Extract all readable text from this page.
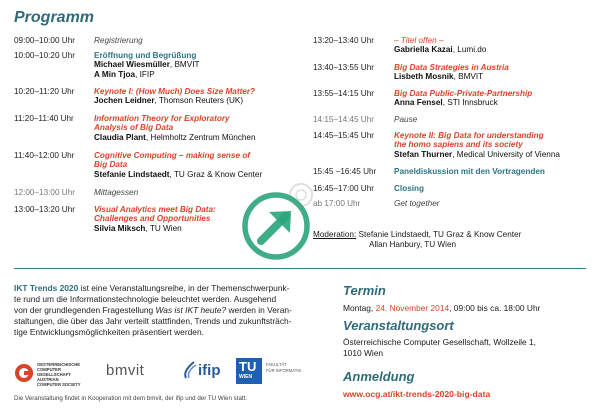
Programm
09:00–10:00 Uhr Registrierung
10:00–10:20 Uhr Eröffnung und Begrüßung
Michael Wiesmüller, BMVIT
A Min Tjoa, IFIP
10:20–11:20 Uhr Keynote I: (How Much) Does Size Matter?
Jochen Leidner, Thomson Reuters (UK)
11:20–11:40 Uhr Information Theory for Exploratory
Analysis of Big Data
Claudia Plant, Helmholtz Zentrum München
11:40–12:00 Uhr Cognitive Computing – making sense of
Big Data
Stefanie Lindstaedt, TU Graz & Know Center
12:00–13:00 Uhr Mittagessen
13:00–13:20 Uhr Visual Analytics meet Big Data:
Challenges and Opportunities
Silvia Miksch, TU Wien
13:20–13:40 Uhr – Titel offen –
Gabriella Kazai, Lumi.do
13:40–13:55 Uhr Big Data Strategies in Austria
Lisbeth Mosnik, BMVIT
13:55–14:15 Uhr Big Data Public-Private-Partnership
Anna Fensel, STI Innsbruck
14:15–14:45 Uhr Pause
14:45–15:45 Uhr Keynote II: Big Data for understanding
the homo sapiens and its society
Stefan Thurner, Medical University of Vienna
15:45 –16:45 Uhr Paneldiskussion mit den Vortragenden
16:45–17:00 Uhr Closing
ab 17:00 Uhr	Get together
Moderation: Stefanie Lindstaedt, TU Graz & Know Center
Allan Hanbury, TU Wien
IKT Trends 2020 ist eine Veranstaltungsreihe, in der Themenschwerpunk-
te rund um die Informationstechnologie beleuchtet werden. Ausgehend
von der grundlegenden Fragestellung Was ist IKT heute? werden in Veran-
staltungen, die über das Jahr verteilt stattfinden, Trends und zukunftsträch-
tige Entwicklungsmöglichkeiten präsentiert werden.
Termin
Montag, 24. November 2014, 09:00 bis ca. 18:00 Uhr
Veranstaltungsort
Österreichische Computer Gesellschaft, Wollzeile 1,
1010 Wien
Anmeldung
www.ocg.at/ikt-trends-2020-big-data
OESTERREICHISCHE
COMPUTER GESELLSCHAFT
AUSTRIAN
COMPUTER SOCIETY
bmvit	ifip TU
WIEN
FAKULTÄT
FÜR INFORMATIK
Die Veranstaltung findet in Kooperation mit dem bmvit, der ifip und der TU Wien statt.
